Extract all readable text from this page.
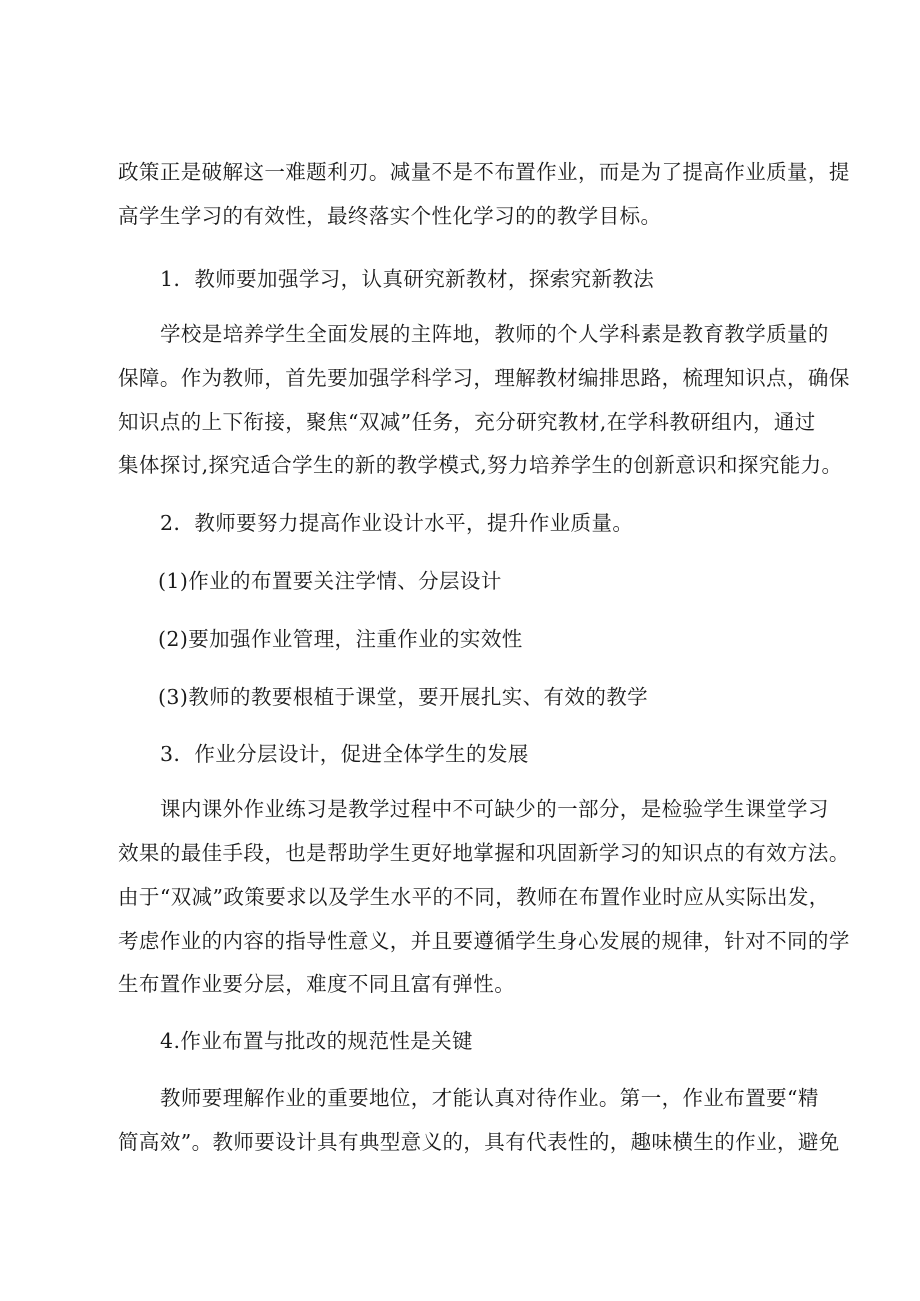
政 策 正 是 破 解 这 一 难 题 利 刃 。 减 量 不 是 不 布 置 作 业 ， 而 是 为 了 提 高 作 业 质 量 ， 提
高学生学习的有效性，最终落实个性化学习的的教学目标。
1．教师要加强学习，认真研究新教材，探索究新教法
学校是培养学生全面发展的主阵地，教师的个人学科素是教育教学质量的
保 障 。 作 为 教 师 ， 首 先 要 加 强 学 科 学 习 ， 理 解 教 材 编 排 思 路 ， 梳 理 知 识 点 ， 确 保
知 识 点 的 上 下 衔 接 ， 聚 焦 “ 双 减 ” 任 务 ， 充 分 研 究 教 材 , 在 学 科 教 研 组 内 ， 通 过
集体探讨,探究适合学生的新的教学模式,努力培养学生的创新意识和探究能力。
2．教师要努力提高作业设计水平，提升作业质量。
(1)作业的布置要关注学情、分层设计
(2)要加强作业管理，注重作业的实效性
(3)教师的教要根植于课堂，要开展扎实、有效的教学
3．作业分层设计，促进全体学生的发展
课内课外作业练习是教学过程中不可缺少的一部分，是检验学生课堂学习
效 果 的 最 佳 手 段 ， 也 是 帮 助 学 生 更 好 地 掌 握 和 巩 固 新 学 习 的 知 识 点 的 有 效 方 法 。
由 于 “ 双 减 ” 政 策 要 求 以 及 学 生 水 平 的 不 同 ， 教 师 在 布 置 作 业 时 应 从 实 际 出 发 ，
考 虑 作 业 的 内 容 的 指 导 性 意 义 ， 并 且 要 遵 循 学 生 身 心 发 展 的 规 律 ， 针 对 不 同 的 学
生布置作业要分层，难度不同且富有弹性。
4.作业布置与批改的规范性是关键
教师要理解作业的重要地位，才能认真对待作业。第一，作业布置要“精
简 高 效 ” 。 教 师 要 设 计 具 有 典 型 意 义 的 ， 具 有 代 表 性 的 ， 趣 味 横 生 的 作 业 ， 避 免
